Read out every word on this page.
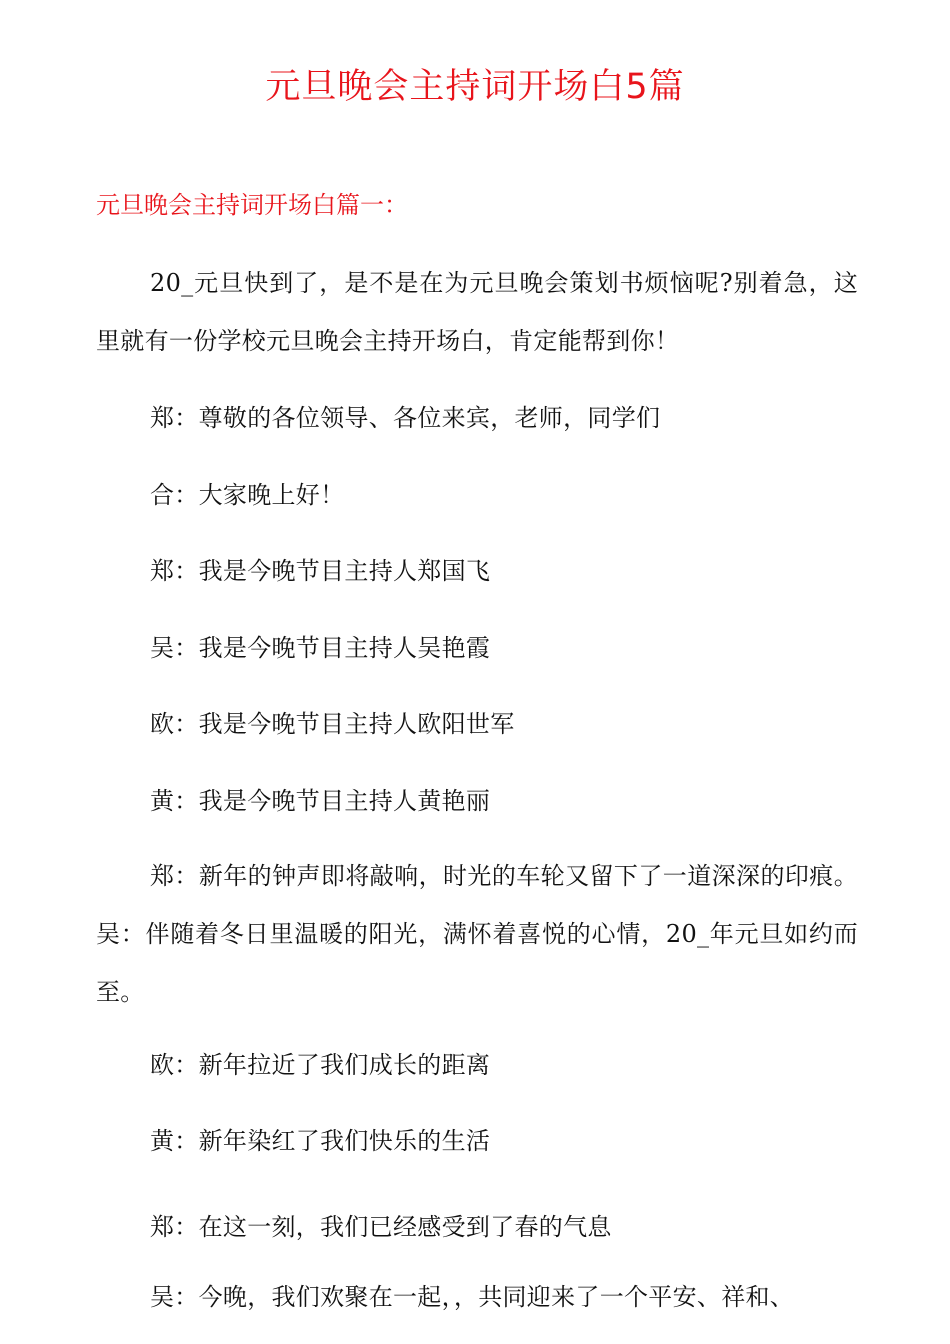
元旦晚会主持词开场白5篇
元旦晚会主持词开场白篇一：

20_元旦快到了，是不是在为元旦晚会策划书烦恼呢?别着急，这里就有一份学校元旦晚会主持开场白，肯定能帮到你！

郑：尊敬的各位领导、各位来宾，老师，同学们

合：大家晚上好！

郑：我是今晚节目主持人郑国飞

吴：我是今晚节目主持人吴艳霞

欧：我是今晚节目主持人欧阳世军

黄：我是今晚节目主持人黄艳丽

郑：新年的钟声即将敲响，时光的车轮又留下了一道深深的印痕。吴：伴随着冬日里温暖的阳光，满怀着喜悦的心情，20_年元旦如约而至。

欧：新年拉近了我们成长的距离

黄：新年染红了我们快乐的生活

郑：在这一刻，我们已经感受到了春的气息

吴：今晚，我们欢聚在一起，，共同迎来了一个平安、祥和、
